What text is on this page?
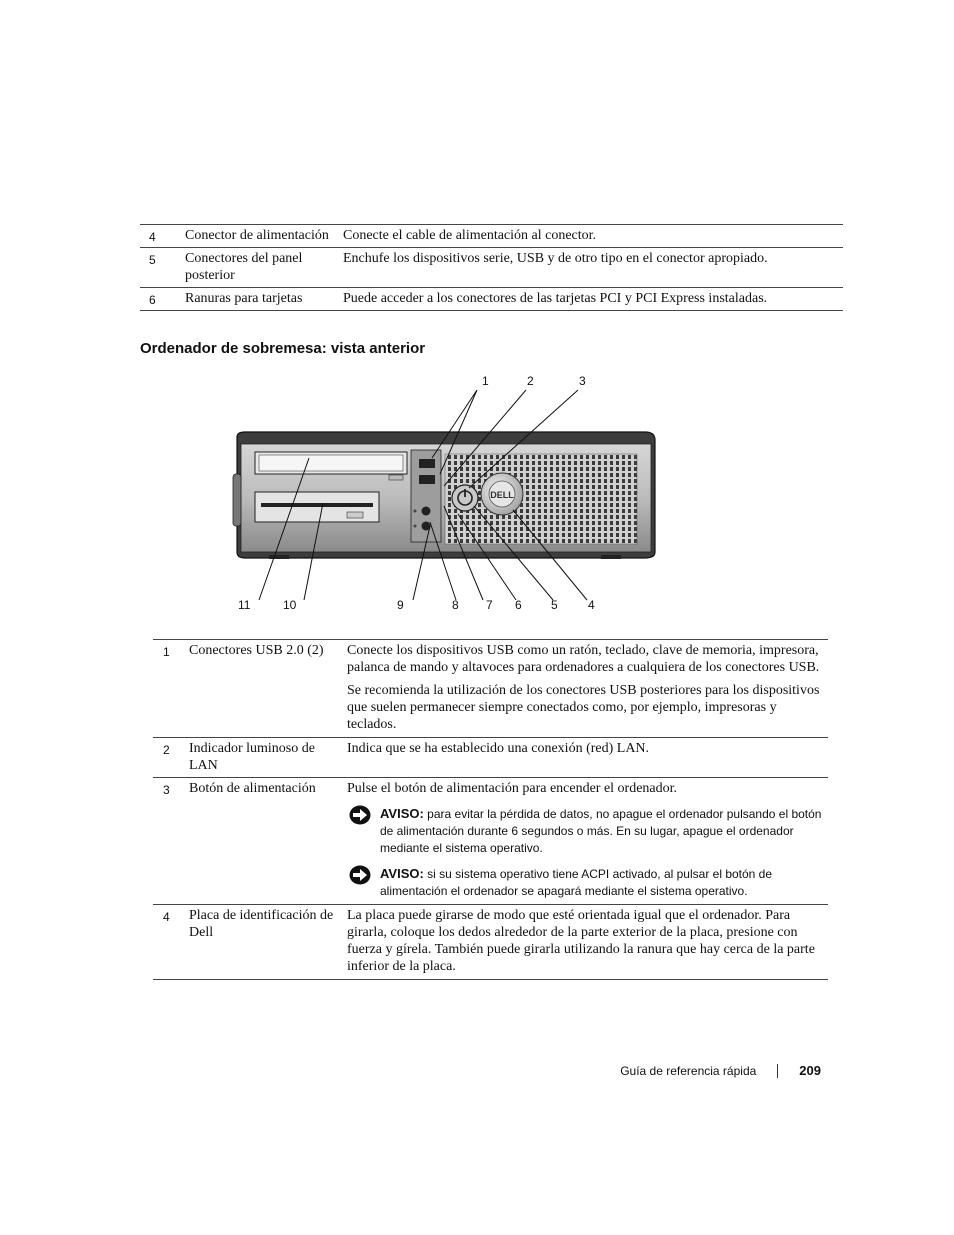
4	Conector de alimentación	Conecte el cable de alimentación al conector.
5	Conectores del panel posterior	Enchufe los dispositivos serie, USB y de otro tipo en el conector apropiado.
6	Ranuras para tarjetas	Puede acceder a los conectores de las tarjetas PCI y PCI Express instaladas.
Ordenador de sobremesa: vista anterior
DELL
1	2	3
4
5
6
7
8
9
10
11
1	Conectores USB 2.0 (2)	Conecte los dispositivos USB como un ratón, teclado, clave de memoria, impresora, palanca de mando y altavoces para ordenadores a cualquiera de los conectores USB.

Se recomienda la utilización de los conectores USB posteriores para los dispositivos que suelen permanecer siempre conectados como, por ejemplo, impresoras y teclados.

2	Indicador luminoso de LAN	Indica que se ha establecido una conexión (red) LAN.

3	Botón de alimentación	Pulse el botón de alimentación para encender el ordenador.

AVISO: para evitar la pérdida de datos, no apague el ordenador pulsando el botón de alimentación durante 6 segundos o más. En su lugar, apague el ordenador mediante el sistema operativo.

AVISO: si su sistema operativo tiene ACPI activado, al pulsar el botón de alimentación el ordenador se apagará mediante el sistema operativo.

4	Placa de identificación de Dell	La placa puede girarse de modo que esté orientada igual que el ordenador. Para girarla, coloque los dedos alrededor de la parte exterior de la placa, presione con fuerza y gírela. También puede girarla utilizando la ranura que hay cerca de la parte inferior de la placa.

Guía de referencia rápida	209
